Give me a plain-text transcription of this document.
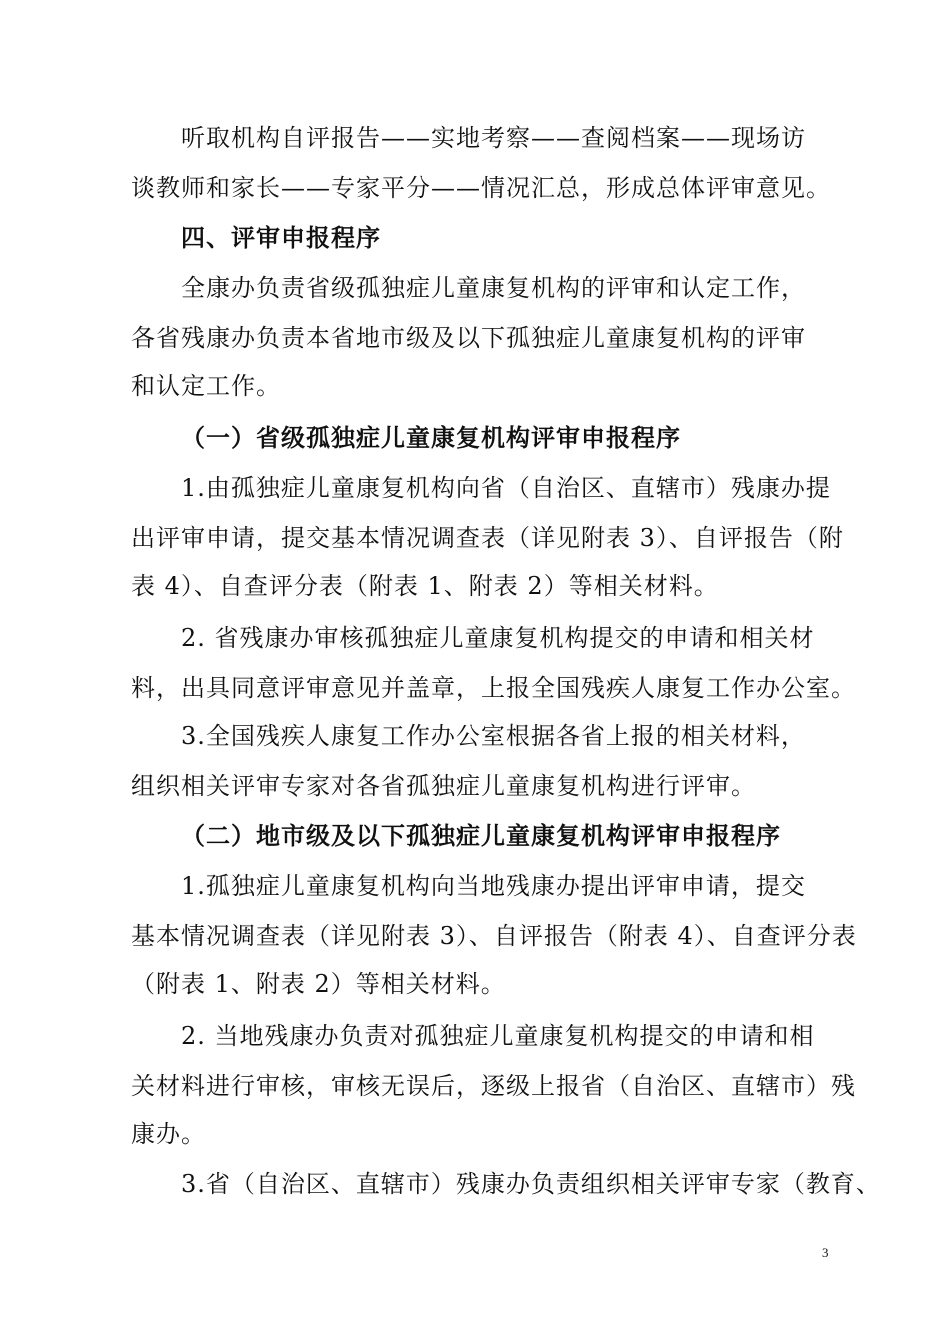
听取机构自评报告——实地考察——查阅档案——现场访
谈教师和家长——专家平分——情况汇总，形成总体评审意见。
四、评审申报程序
全康办负责省级孤独症儿童康复机构的评审和认定工作，
各省残康办负责本省地市级及以下孤独症儿童康复机构的评审
和认定工作。
（一）省级孤独症儿童康复机构评审申报程序
1.由孤独症儿童康复机构向省（自治区、直辖市）残康办提
出评审申请，提交基本情况调查表（详见附表 3）、自评报告（附
表 4）、自查评分表（附表 1、附表 2）等相关材料。
2. 省残康办审核孤独症儿童康复机构提交的申请和相关材
料，出具同意评审意见并盖章，上报全国残疾人康复工作办公室。
3.全国残疾人康复工作办公室根据各省上报的相关材料，
组织相关评审专家对各省孤独症儿童康复机构进行评审。
（二）地市级及以下孤独症儿童康复机构评审申报程序
1.孤独症儿童康复机构向当地残康办提出评审申请，提交
基本情况调查表（详见附表 3）、自评报告（附表 4）、自查评分表
（附表 1、附表 2）等相关材料。
2. 当地残康办负责对孤独症儿童康复机构提交的申请和相
关材料进行审核，审核无误后，逐级上报省（自治区、直辖市）残
康办。
3.省（自治区、直辖市）残康办负责组织相关评审专家（教育、
3
